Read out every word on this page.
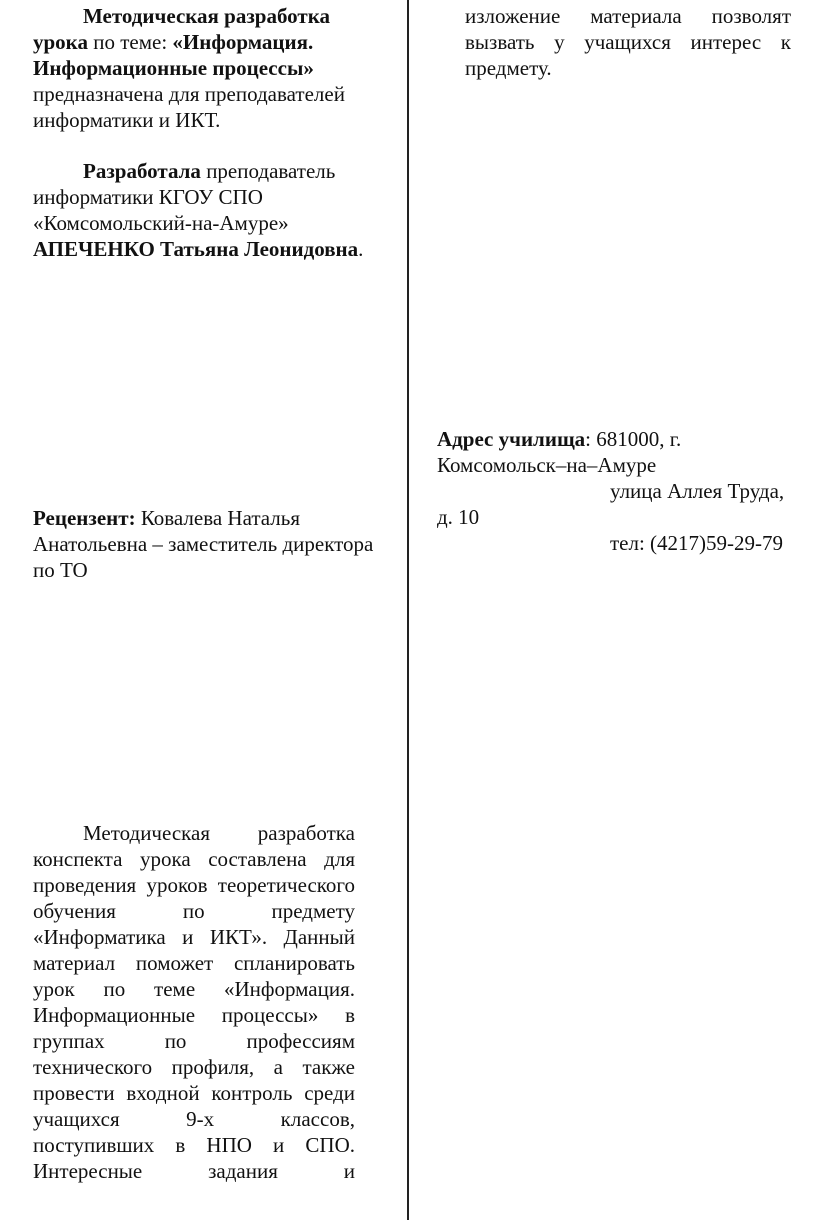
Методическая разработка урока по теме: «Информация. Информационные процессы» предназначена для преподавателей информатики и ИКТ.

Разработала преподаватель информатики КГОУ СПО «Комсомольский-на-Амуре» АПЕЧЕНКО Татьяна Леонидовна.

Рецензент: Ковалева Наталья Анатольевна – заместитель директора по ТО

Методическая разработка конспекта урока составлена для проведения уроков теоретического обучения по предмету «Информатика и ИКТ». Данный материал поможет спланировать урок по теме «Информация. Информационные процессы» в группах по профессиям технического профиля, а также провести входной контроль среди учащихся 9-х классов, поступивших в НПО и СПО. Интересные задания и

изложение материала позволят вызвать у учащихся интерес к предмету.

Адрес училища: 681000, г. Комсомольск–на–Амуре

улица Аллея Труда,

д. 10

тел: (4217)59-29-79
